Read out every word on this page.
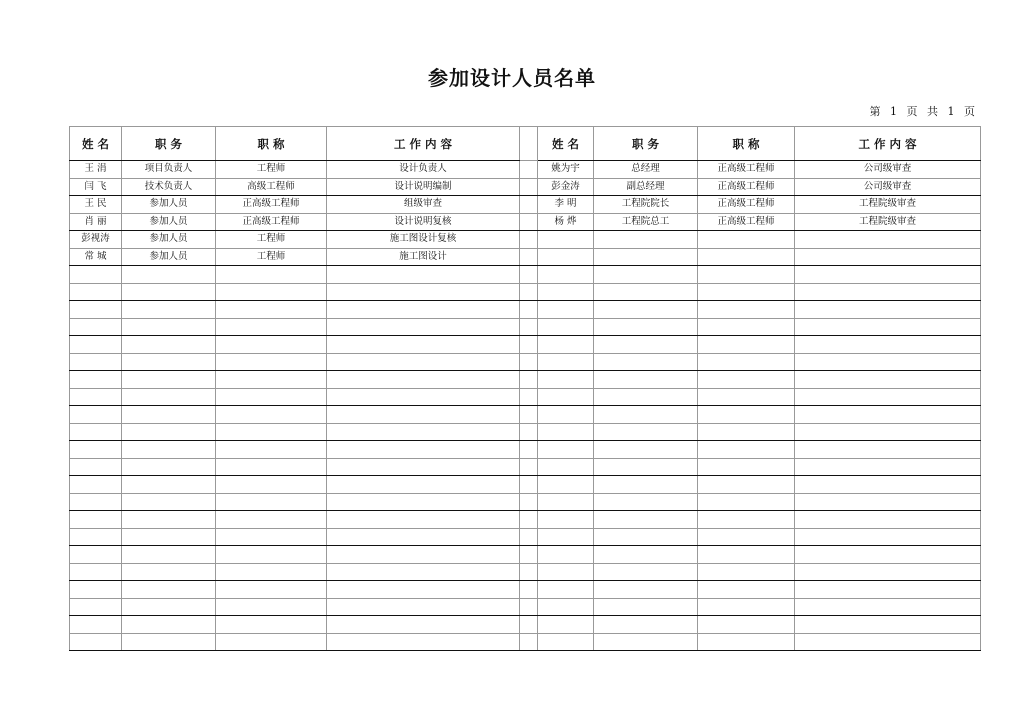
参加设计人员名单
第 1 页 共 1 页
姓 名	职 务	职 称	工 作 内 容		姓 名	职 务	职 称	工 作 内 容
王 涓	项目负责人	工程师	设计负责人		姚为宇	总经理	正高级工程师	公司级审查
闫 飞	技术负责人	高级工程师	设计说明编制		彭金涛	副总经理	正高级工程师	公司级审查
王 民	参加人员	正高级工程师	组级审查		李 明	工程院院长	正高级工程师	工程院级审查
肖 丽	参加人员	正高级工程师	设计说明复核		杨 烨	工程院总工	正高级工程师	工程院级审查
彭视涛	参加人员	工程师	施工图设计复核					
常 城	参加人员	工程师	施工图设计					
